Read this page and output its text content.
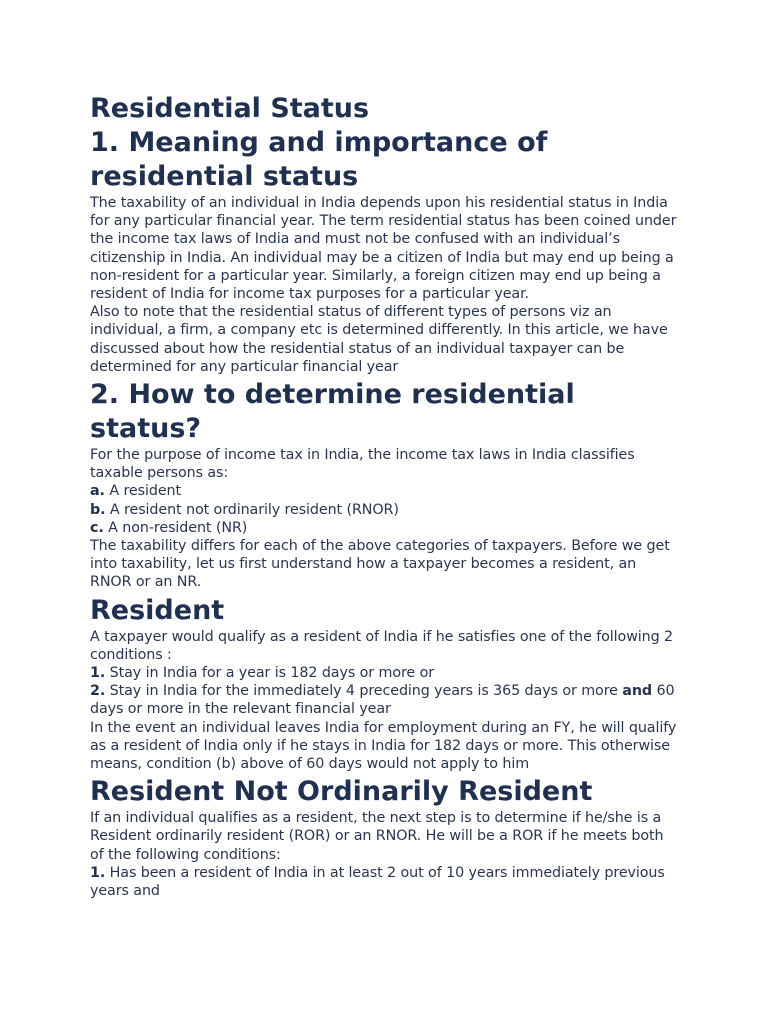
Residential Status
1. Meaning and importance of residential status

The taxability of an individual in India depends upon his residential status in India for any particular financial year. The term residential status has been coined under the income tax laws of India and must not be confused with an individual’s citizenship in India. An individual may be a citizen of India but may end up being a non-resident for a particular year. Similarly, a foreign citizen may end up being a resident of India for income tax purposes for a particular year.

Also to note that the residential status of different types of persons viz an individual, a firm, a company etc is determined differently. In this article, we have discussed about how the residential status of an individual taxpayer can be determined for any particular financial year

2. How to determine residential status?

For the purpose of income tax in India, the income tax laws in India classifies taxable persons as:

a. A resident
b. A resident not ordinarily resident (RNOR)
c. A non-resident (NR)

The taxability differs for each of the above categories of taxpayers. Before we get into taxability, let us first understand how a taxpayer becomes a resident, an RNOR or an NR.

Resident

A taxpayer would qualify as a resident of India if he satisfies one of the following 2 conditions :

1. Stay in India for a year is 182 days or more or
2. Stay in India for the immediately 4 preceding years is 365 days or more and 60 days or more in the relevant financial year

In the event an individual leaves India for employment during an FY, he will qualify as a resident of India only if he stays in India for 182 days or more. This otherwise means, condition (b) above of 60 days would not apply to him

Resident Not Ordinarily Resident

If an individual qualifies as a resident, the next step is to determine if he/she is a Resident ordinarily resident (ROR) or an RNOR. He will be a ROR if he meets both of the following conditions:

1. Has been a resident of India in at least 2 out of 10 years immediately previous years and
